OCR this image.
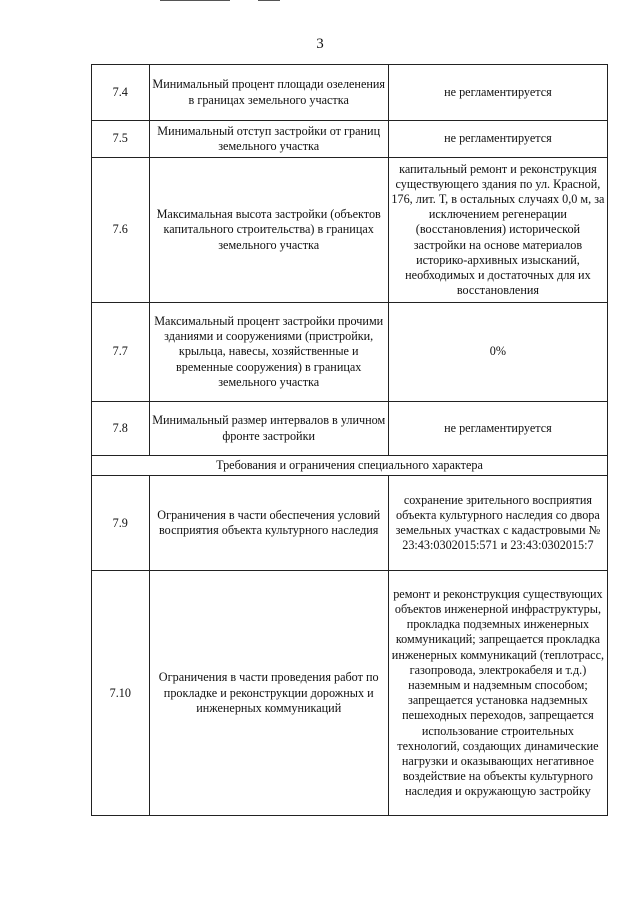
3
7.4	Минимальный процент площади озеленения в границах земельного участка	не регламентируется
7.5	Минимальный отступ застройки от границ земельного участка	не регламентируется
7.6	Максимальная высота застройки (объектов капитального строительства) в границах земельного участка	капитальный ремонт и реконструкция существующего здания по ул. Красной, 176, лит. Т, в остальных случаях 0,0 м, за исключением регенерации (восстановления) исторической застройки на основе материалов историко-архивных изысканий, необходимых и достаточных для их восстановления
7.7	Максимальный процент застройки прочими зданиями и сооружениями (пристройки, крыльца, навесы, хозяйственные и временные сооружения) в границах земельного участка	0%
7.8	Минимальный размер интервалов в уличном фронте застройки	не регламентируется
Требования и ограничения специального характера		
7.9	Ограничения в части обеспечения условий восприятия объекта культурного наследия	сохранение зрительного восприятия объекта культурного наследия со двора земельных участках с кадастровыми № 23:43:0302015:571 и 23:43:0302015:7
7.10	Ограничения в части проведения работ по прокладке и реконструкции дорожных и инженерных коммуникаций	ремонт и реконструкция существующих объектов инженерной инфраструктуры, прокладка подземных инженерных коммуникаций; запрещается прокладка инженерных коммуникаций (теплотрасс, газопровода, электрокабеля и т.д.) наземным и надземным способом; запрещается установка надземных пешеходных переходов, запрещается использование строительных технологий, создающих динамические нагрузки и оказывающих негативное воздействие на объекты культурного наследия и окружающую застройку
